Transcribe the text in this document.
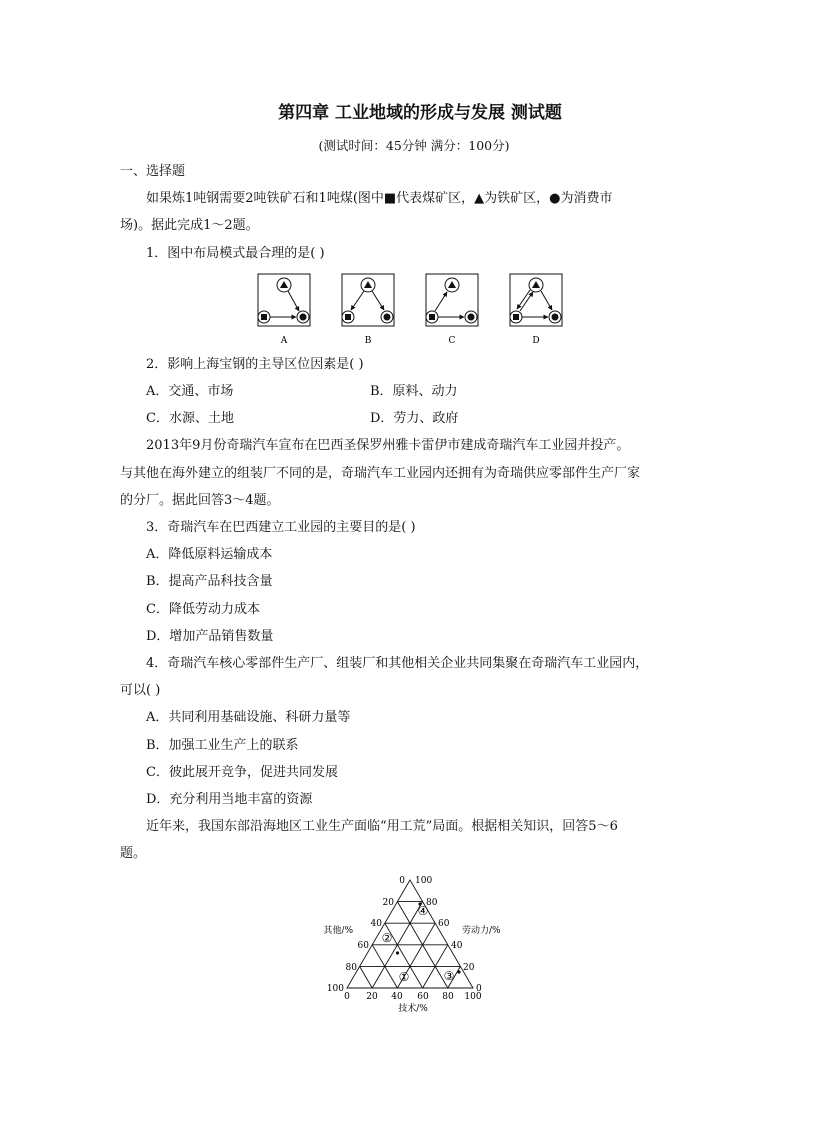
第四章 工业地域的形成与发展 测试题
(测试时间：45分钟 满分：100分)
一、选择题
如果炼1吨钢需要2吨铁矿石和1吨煤(图中■代表煤矿区，▲为铁矿区，●为消费市
场)。据此完成1～2题。
1．图中布局模式最合理的是( )
A	B	C	D
2．影响上海宝钢的主导区位因素是( )
A．交通、市场	B．原料、动力
C．水源、土地	D．劳力、政府
2013年9月份奇瑞汽车宣布在巴西圣保罗州雅卡雷伊市建成奇瑞汽车工业园并投产。
与其他在海外建立的组装厂不同的是，奇瑞汽车工业园内还拥有为奇瑞供应零部件生产厂家
的分厂。据此回答3～4题。
3．奇瑞汽车在巴西建立工业园的主要目的是( )
A．降低原料运输成本
B．提高产品科技含量
C．降低劳动力成本
D．增加产品销售数量
4．奇瑞汽车核心零部件生产厂、组装厂和其他相关企业共同集聚在奇瑞汽车工业园内，
可以( )
A．共同利用基础设施、科研力量等
B．加强工业生产上的联系
C．彼此展开竞争，促进共同发展
D．充分利用当地丰富的资源
近年来，我国东部沿海地区工业生产面临“用工荒”局面。根据相关知识，回答5～6
题。
0
20
40
60
80
100
100
80
60
40
20
0
0 20 40 60 80 100
其他/%	劳动力/%
技术/%
①
②
③
④
